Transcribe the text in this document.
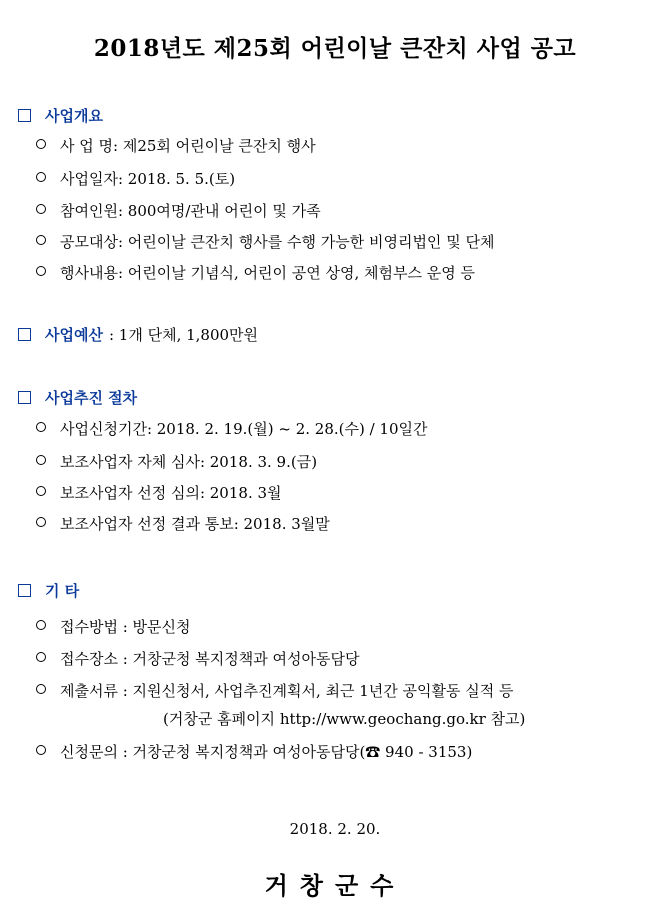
2018년도 제25회 어린이날 큰잔치 사업 공고
사업개요
사 업 명: 제25회 어린이날 큰잔치 행사
사업일자: 2018. 5. 5.(토)
참여인원: 800여명/관내 어린이 및 가족
공모대상: 어린이날 큰잔치 행사를 수행 가능한 비영리법인 및 단체
행사내용: 어린이날 기념식, 어린이 공연 상영, 체험부스 운영 등
사업예산 : 1개 단체, 1,800만원
사업추진 절차
사업신청기간: 2018. 2. 19.(월) ~ 2. 28.(수) / 10일간
보조사업자 자체 심사: 2018. 3. 9.(금)
보조사업자 선정 심의: 2018. 3월
보조사업자 선정 결과 통보: 2018. 3월말
기 타
접수방법 : 방문신청
접수장소 : 거창군청 복지정책과 여성아동담당
제출서류 : 지원신청서, 사업추진계획서, 최근 1년간 공익활동 실적 등
(거창군 홈페이지 http://www.geochang.go.kr 참고)
신청문의 : 거창군청 복지정책과 여성아동담당(☎ 940 - 3153)
2018. 2. 20.
거창군수
